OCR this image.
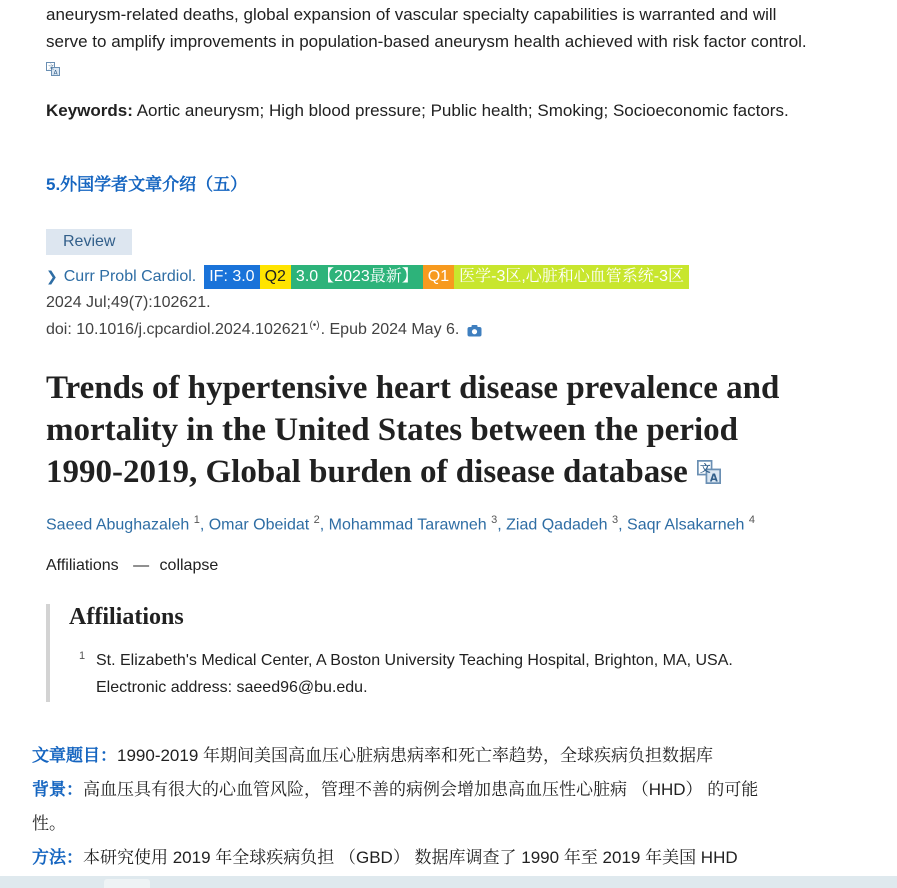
aneurysm-related deaths, global expansion of vascular specialty capabilities is warranted and will
serve to amplify improvements in population-based aneurysm health achieved with risk factor control.
文
A
Keywords: Aortic aneurysm; High blood pressure; Public health; Smoking; Socioeconomic factors.
5.外国学者文章介绍（五）
Review
❯ Curr Probl Cardiol. IF: 3.0 Q2 3.0【2023最新】 Q1 医学-3区,心脏和心血管系统-3区
2024 Jul;49(7):102621.
doi: 10.1016/j.cpcardiol.2024.102621 (•) . Epub 2024 May 6.
Trends of hypertensive heart disease prevalence and
mortality in the United States between the period
1990-2019, Global burden of disease database 文
A
Saeed Abughazaleh $^1$, Omar Obeidat $^2$, Mohammad Tarawneh $^3$, Ziad Qadadeh $^3$, Saqr Alsakarneh $^4$
Affiliations — collapse
Affiliations
1 St. Elizabeth's Medical Center, A Boston University Teaching Hospital, Brighton, MA, USA.
Electronic address: saeed96@bu.edu.
文章题目：1990-2019 年期间美国高血压心脏病患病率和死亡率趋势，全球疾病负担数据库
背景：高血压具有很大的心血管风险，管理不善的病例会增加患高血压性心脏病 （HHD） 的可能
性。
方法：本研究使用 2019 年全球疾病负担 （GBD） 数据库调查了 1990 年至 2019 年美国 HHD
